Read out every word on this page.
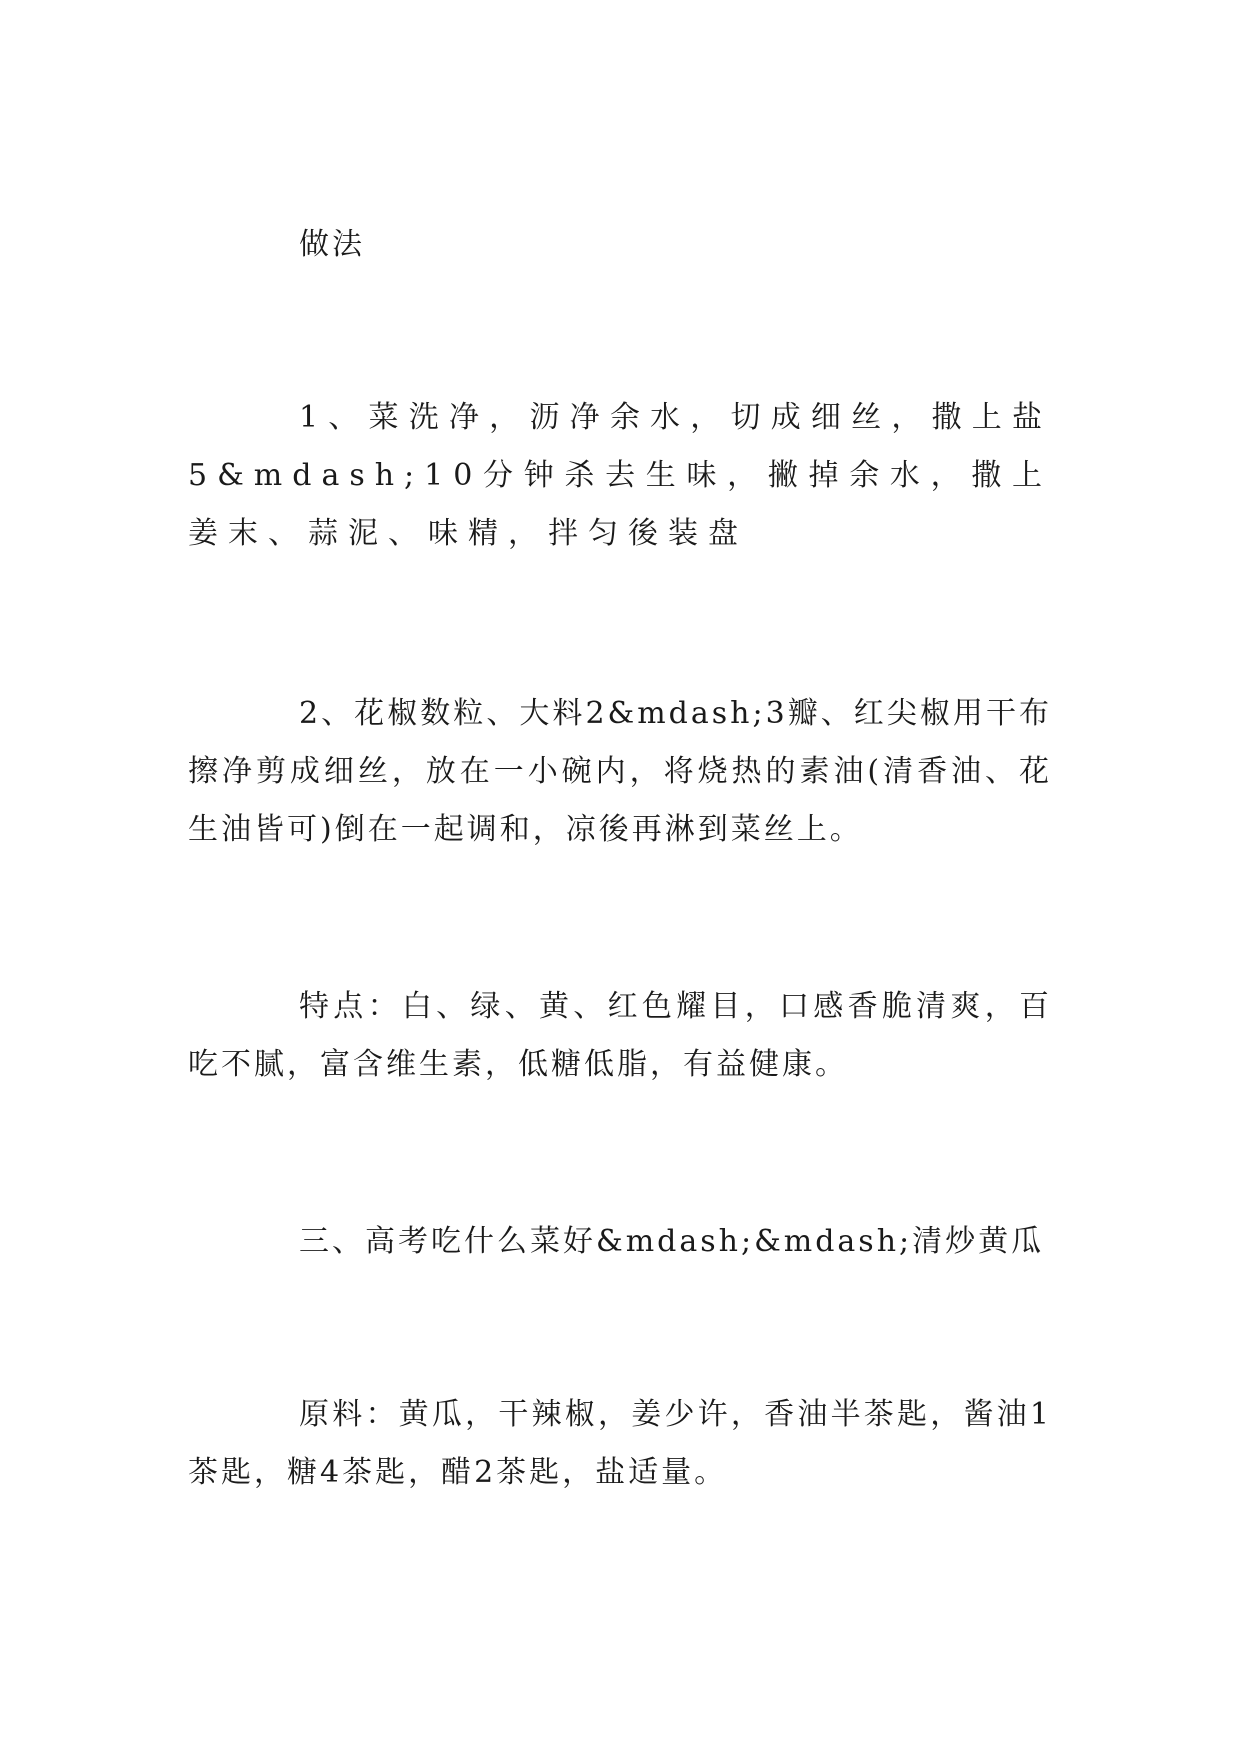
做法

1、菜洗净，沥净余水，切成细丝，撒上盐5&mdash;10分钟杀去生味，撇掉余水，撒上姜末、蒜泥、味精，拌匀後装盘

2、花椒数粒、大料2&mdash;3瓣、红尖椒用干布擦净剪成细丝，放在一小碗内，将烧热的素油(清香油、花生油皆可)倒在一起调和，凉後再淋到菜丝上。

特点：白、绿、黄、红色耀目，口感香脆清爽，百吃不腻，富含维生素，低糖低脂，有益健康。

三、高考吃什么菜好&mdash;&mdash;清炒黄瓜

原料：黄瓜，干辣椒，姜少许，香油半茶匙，酱油1茶匙，糖4茶匙，醋2茶匙，盐适量。
